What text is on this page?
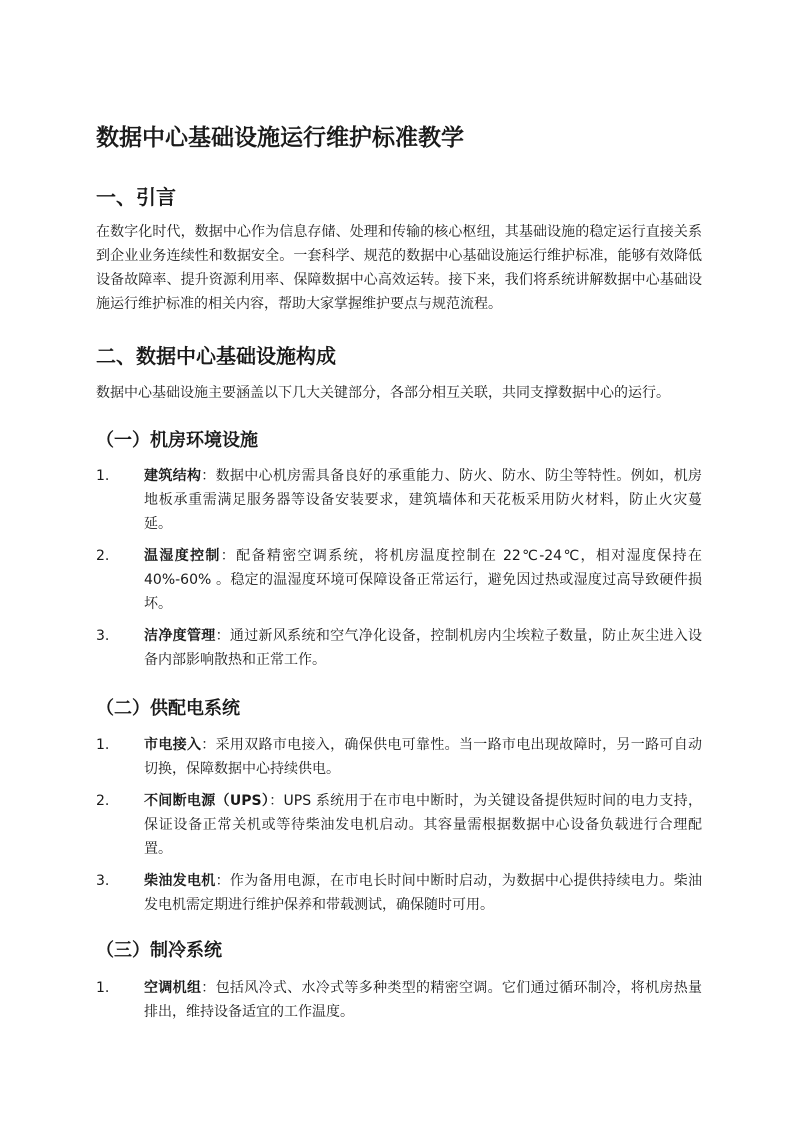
数据中心基础设施运行维护标准教学
一、引言

在数字化时代，数据中心作为信息存储、处理和传输的核心枢纽，其基础设施的稳定运行直接关系到企业业务连续性和数据安全。一套科学、规范的数据中心基础设施运行维护标准，能够有效降低设备故障率、提升资源利用率、保障数据中心高效运转。接下来，我们将系统讲解数据中心基础设施运行维护标准的相关内容，帮助大家掌握维护要点与规范流程。

二、数据中心基础设施构成

数据中心基础设施主要涵盖以下几大关键部分，各部分相互关联，共同支撑数据中心的运行。

（一）机房环境设施
1. 建筑结构：数据中心机房需具备良好的承重能力、防火、防水、防尘等特性。例如，机房地板承重需满足服务器等设备安装要求，建筑墙体和天花板采用防火材料，防止火灾蔓延。
2. 温湿度控制：配备精密空调系统，将机房温度控制在 22℃-24℃，相对湿度保持在 40%-60% 。稳定的温湿度环境可保障设备正常运行，避免因过热或湿度过高导致硬件损坏。
3. 洁净度管理：通过新风系统和空气净化设备，控制机房内尘埃粒子数量，防止灰尘进入设备内部影响散热和正常工作。
（二）供配电系统
1. 市电接入：采用双路市电接入，确保供电可靠性。当一路市电出现故障时，另一路可自动切换，保障数据中心持续供电。
2. 不间断电源（UPS）：UPS 系统用于在市电中断时，为关键设备提供短时间的电力支持，保证设备正常关机或等待柴油发电机启动。其容量需根据数据中心设备负载进行合理配置。
3. 柴油发电机：作为备用电源，在市电长时间中断时启动，为数据中心提供持续电力。柴油发电机需定期进行维护保养和带载测试，确保随时可用。
（三）制冷系统
1. 空调机组：包括风冷式、水冷式等多种类型的精密空调。它们通过循环制冷，将机房热量排出，维持设备适宜的工作温度。
